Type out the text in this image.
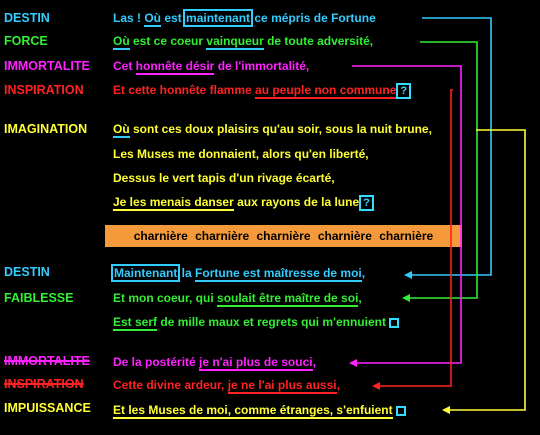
DESTIN
FORCE
IMMORTALITE
INSPIRATION
IMAGINATION
DESTIN
FAIBLESSE
IMMORTALITE
INSPIRATION
IMPUISSANCE
Las ! Où est maintenant ce mépris de Fortune
Où est ce coeur vainqueur de toute adversité,
Cet honnête désir de l'immortalité,
Et cette honnête flamme au peuple non commune ?
Où sont ces doux plaisirs qu'au soir, sous la nuit brune,
Les Muses me donnaient, alors qu'en liberté,
Dessus le vert tapis d'un rivage écarté,
Je les menais danser aux rayons de la lune ?
charnière charnière charnière charnière charnière
Maintenant la Fortune est maîtresse de moi,
Et mon coeur, qui soulait être maître de soi,
Est serf de mille maux et regrets qui m'ennuient
De la postérité je n'ai plus de souci,
Cette divine ardeur, je ne l'ai plus aussi,
Et les Muses de moi, comme étranges, s'enfuient
